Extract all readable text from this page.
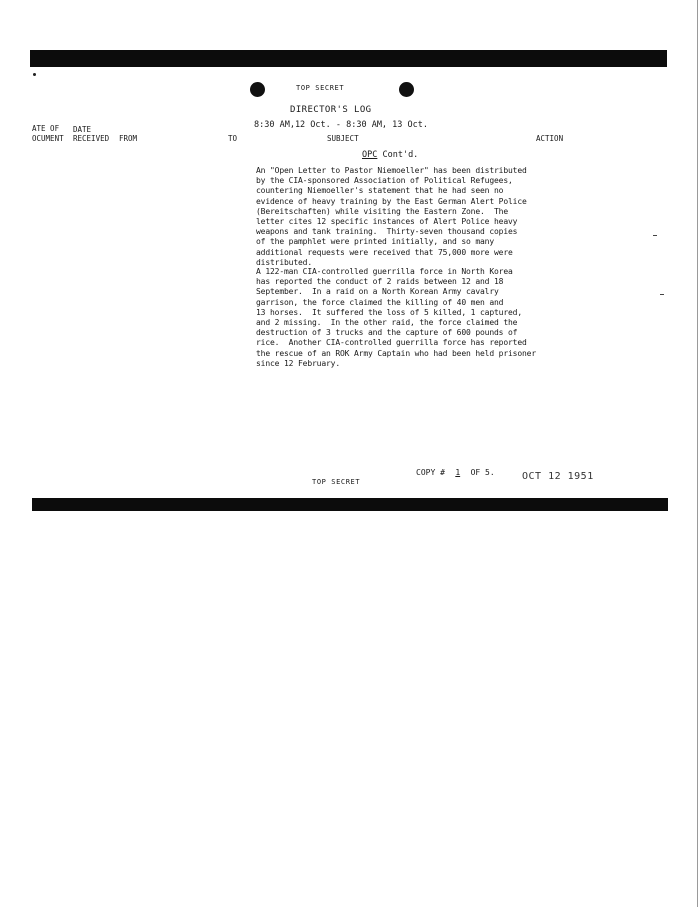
TOP SECRET
DIRECTOR'S LOG
8:30 AM,12 Oct. - 8:30 AM, 13 Oct.
ATE OF
OCUMENT
DATE
RECEIVED FROM	TO	SUBJECT	ACTION
OPC Cont'd.
An "Open Letter to Pastor Niemoeller" has been distributed
by the CIA-sponsored Association of Political Refugees,
countering Niemoeller's statement that he had seen no
evidence of heavy training by the East German Alert Police
(Bereitschaften) while visiting the Eastern Zone.  The
letter cites 12 specific instances of Alert Police heavy
weapons and tank training.  Thirty-seven thousand copies
of the pamphlet were printed initially, and so many
additional requests were received that 75,000 more were
distributed.
A 122-man CIA-controlled guerrilla force in North Korea
has reported the conduct of 2 raids between 12 and 18
September.  In a raid on a North Korean Army cavalry
garrison, the force claimed the killing of 40 men and
13 horses.  It suffered the loss of 5 killed, 1 captured,
and 2 missing.  In the other raid, the force claimed the
destruction of 3 trucks and the capture of 600 pounds of
rice.  Another CIA-controlled guerrilla force has reported
the rescue of an ROK Army Captain who had been held prisoner
since 12 February.
TOP SECRET
COPY # 1 OF 5.	OCT 12 1951
